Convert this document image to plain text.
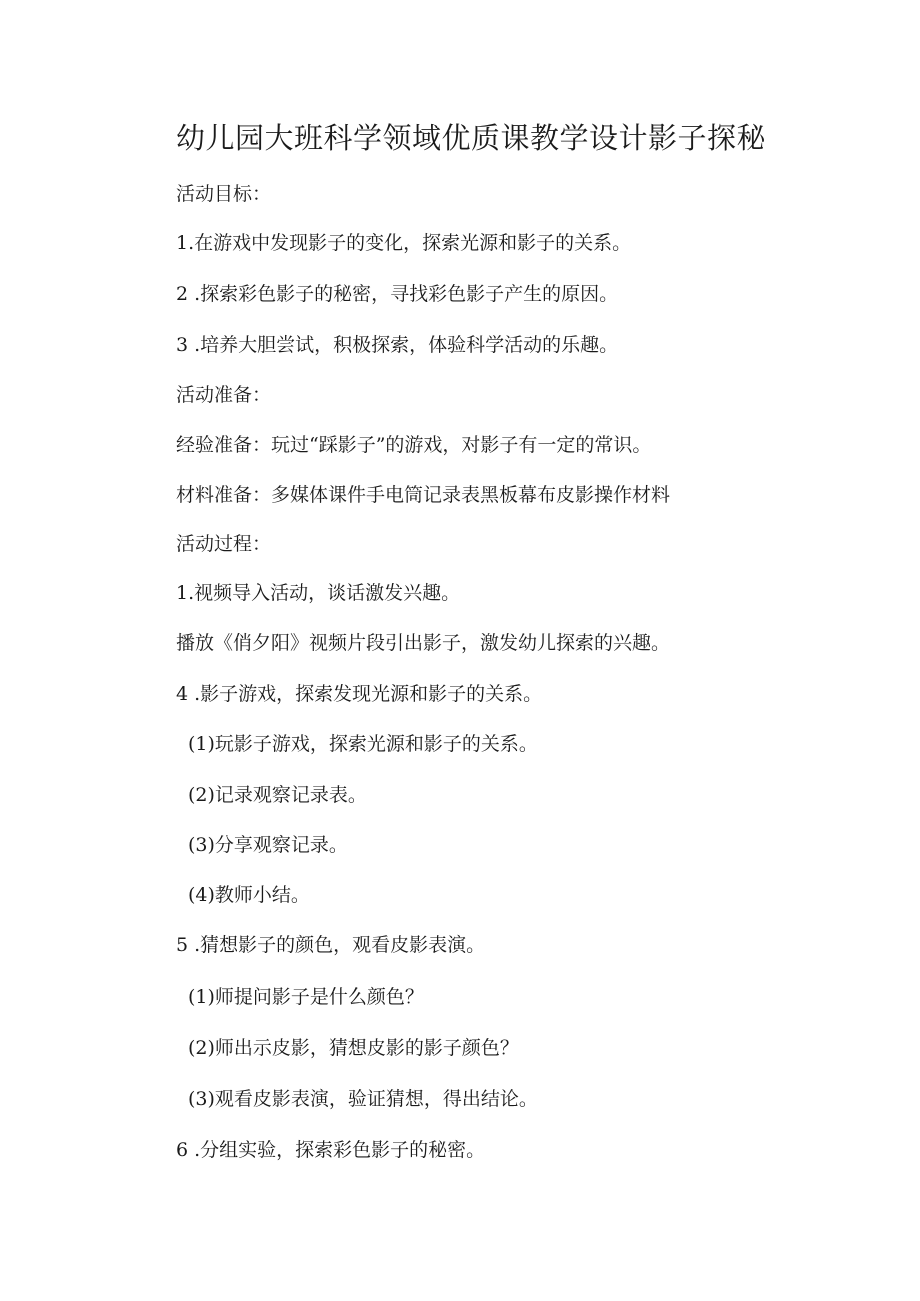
幼儿园大班科学领域优质课教学设计影子探秘
活动目标：
1.在游戏中发现影子的变化，探索光源和影子的关系。
2 .探索彩色影子的秘密，寻找彩色影子产生的原因。
3 .培养大胆尝试，积极探索，体验科学活动的乐趣。
活动准备：
经验准备：玩过“踩影子”的游戏，对影子有一定的常识。
材料准备：多媒体课件手电筒记录表黑板幕布皮影操作材料
活动过程：
1.视频导入活动，谈话激发兴趣。
播放《俏夕阳》视频片段引出影子，激发幼儿探索的兴趣。
4 .影子游戏，探索发现光源和影子的关系。
(1)玩影子游戏，探索光源和影子的关系。
(2)记录观察记录表。
(3)分享观察记录。
(4)教师小结。
5 .猜想影子的颜色，观看皮影表演。
(1)师提问影子是什么颜色？
(2)师出示皮影，猜想皮影的影子颜色？
(3)观看皮影表演，验证猜想，得出结论。
6 .分组实验，探索彩色影子的秘密。
